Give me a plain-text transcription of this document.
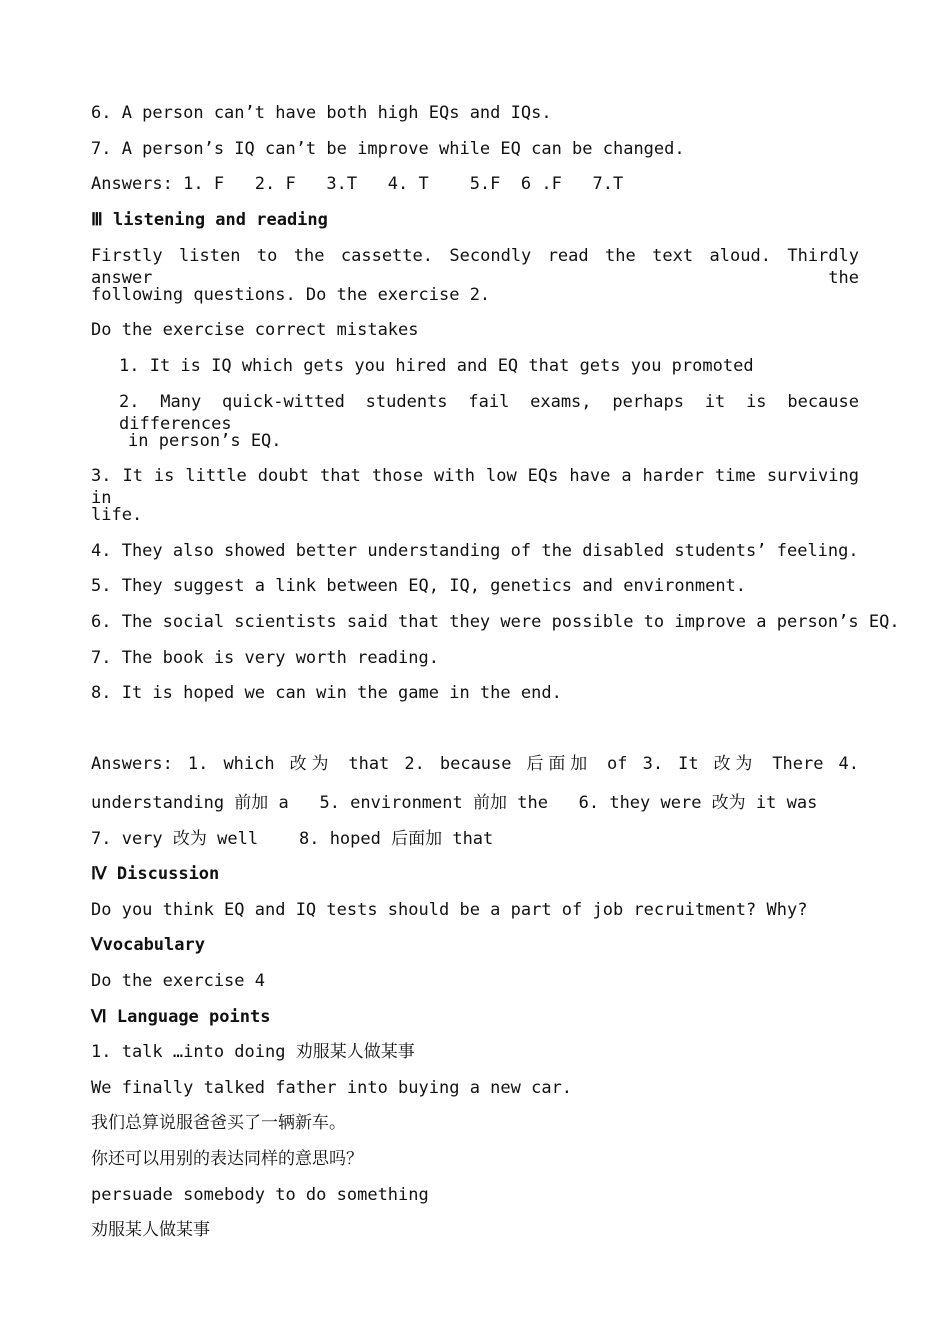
6. A person can’t have both high EQs and IQs.
7. A person’s IQ can’t be improve while EQ can be changed.
Answers: 1. F   2. F   3.T   4. T    5.F  6 .F   7.T
Ⅲ listening and reading
Firstly listen to the cassette. Secondly read the text aloud. Thirdly answer the
following questions. Do the exercise 2.
Do the exercise correct mistakes
1. It is IQ which gets you hired and EQ that gets you promoted
2. Many quick-witted students fail exams, perhaps it is because differences
in person’s EQ.
3. It is little doubt that those with low EQs have a harder time surviving in
life.
4. They also showed better understanding of the disabled students’ feeling.
5. They suggest a link between EQ, IQ, genetics and environment.
6. The social scientists said that they were possible to improve a person’s EQ.
7. The book is very worth reading.
8. It is hoped we can win the game in the end.
Answers: 1. which 改为 that 2. because 后面加 of 3. It 改为 There 4.
understanding 前加 a   5. environment 前加 the   6. they were 改为 it was
7. very 改为 well    8. hoped 后面加 that
Ⅳ Discussion
Do you think EQ and IQ tests should be a part of job recruitment? Why?
Ⅴvocabulary
Do the exercise 4
Ⅵ Language points
1. talk …into doing 劝服某人做某事
We finally talked father into buying a new car.
我们总算说服爸爸买了一辆新车。
你还可以用别的表达同样的意思吗？
persuade somebody to do something
劝服某人做某事
